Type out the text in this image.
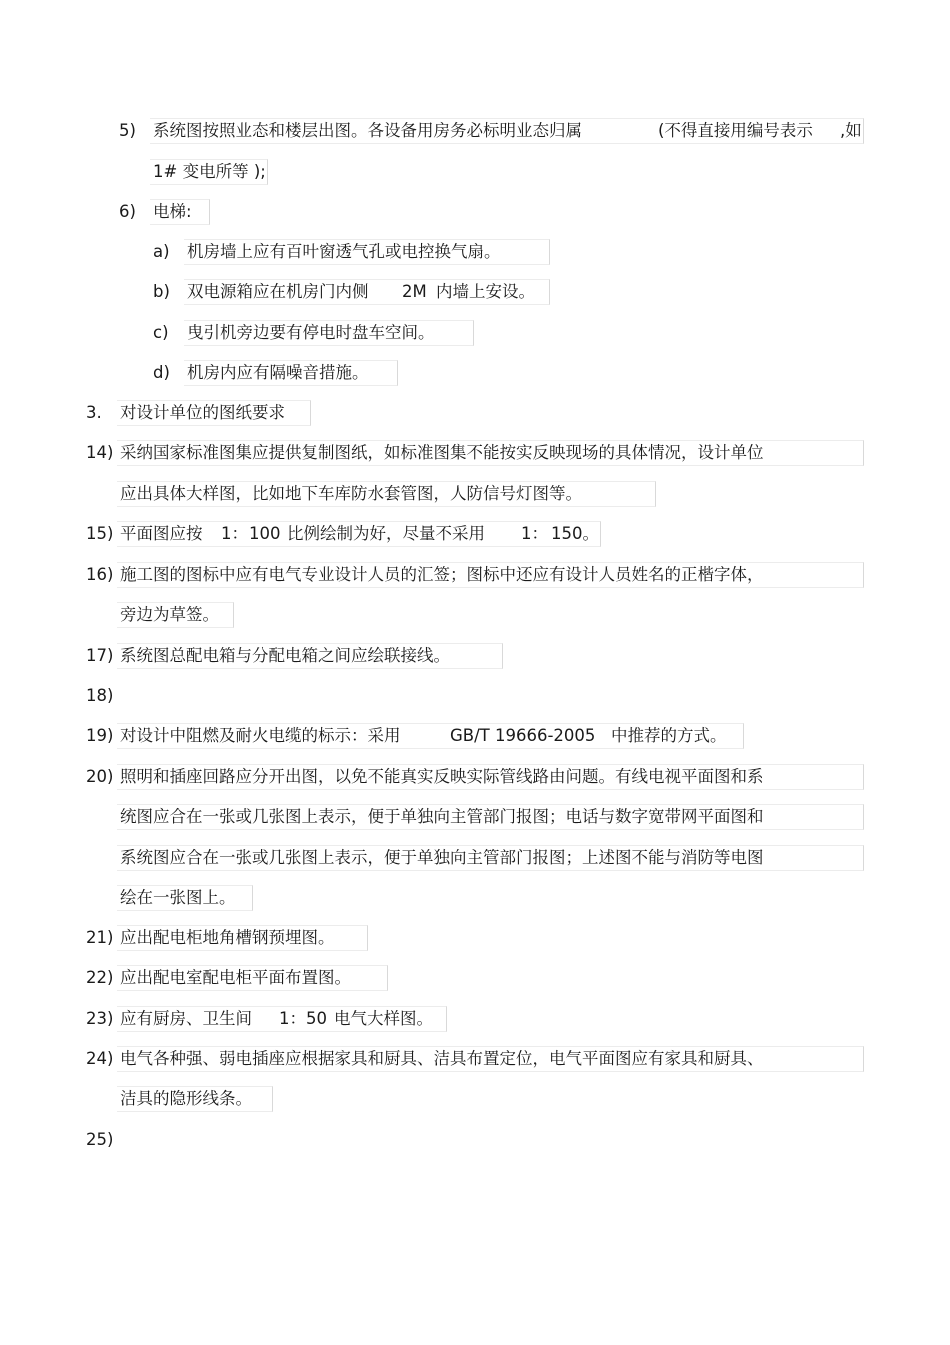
5) 系统图按照业态和楼层出图。各设备用房务必标明业态归属	(不得直接用编号表示 ,如
1# 变电所等 );
6) 电梯:
a) 机房墙上应有百叶窗透气孔或电控换气扇。
b) 双电源箱应在机房门内侧 2M 内墙上安设。
c) 曳引机旁边要有停电时盘车空间。
d) 机房内应有隔噪音措施。
3. 对设计单位的图纸要求
14) 采纳国家标准图集应提供复制图纸，如标准图集不能按实反映现场的具体情况，设计单位
应出具体大样图，比如地下车库防水套管图，人防信号灯图等。
15) 平面图应按 1： 100 比例绘制为好，尽量不采用 1： 150。
16) 施工图的图标中应有电气专业设计人员的汇签；图标中还应有设计人员姓名的正楷字体，
旁边为草签。
17) 系统图总配电箱与分配电箱之间应绘联接线。
18)
19) 对设计中阻燃及耐火电缆的标示：采用	GB/T 19666-2005 中推荐的方式。
20) 照明和插座回路应分开出图，以免不能真实反映实际管线路由问题。有线电视平面图和系
统图应合在一张或几张图上表示，便于单独向主管部门报图；电话与数字宽带网平面图和
系统图应合在一张或几张图上表示，便于单独向主管部门报图；上述图不能与消防等电图
绘在一张图上。
21) 应出配电柜地角槽钢预埋图。
22) 应出配电室配电柜平面布置图。
23) 应有厨房、卫生间 1： 50 电气大样图。
24) 电气各种强、弱电插座应根据家具和厨具、洁具布置定位，电气平面图应有家具和厨具、
洁具的隐形线条。
25)
